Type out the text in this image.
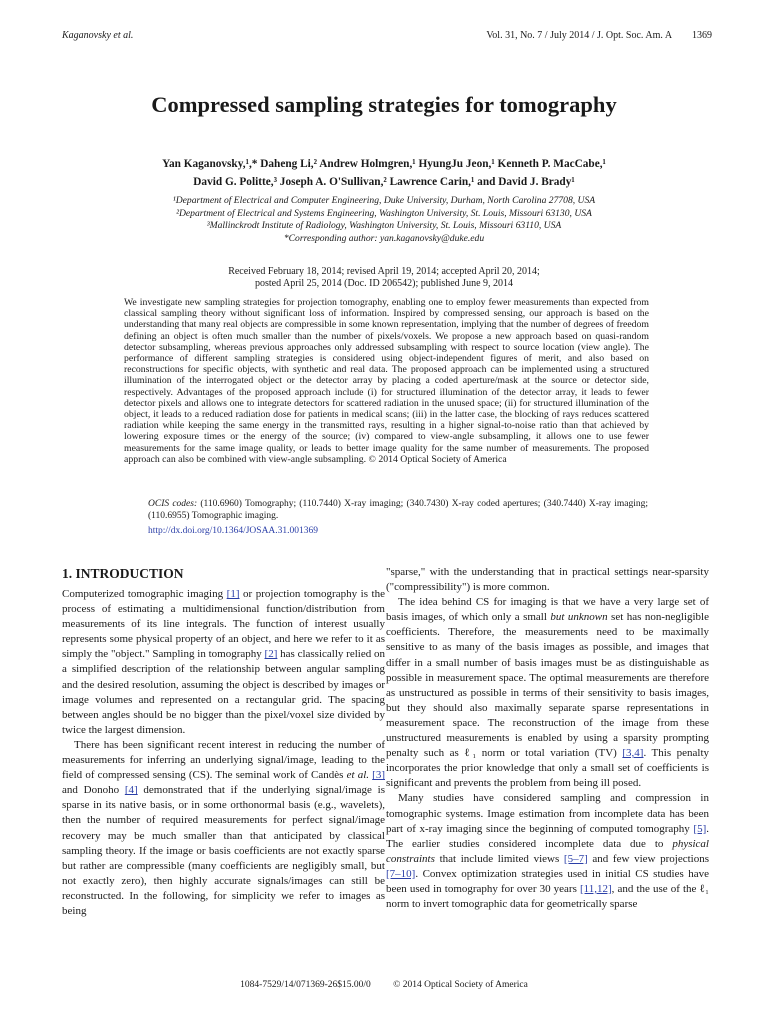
Kaganovsky et al.	Vol. 31, No. 7 / July 2014 / J. Opt. Soc. Am. A 1369
Compressed sampling strategies for tomography
Yan Kaganovsky,¹,* Daheng Li,² Andrew Holmgren,¹ HyungJu Jeon,¹ Kenneth P. MacCabe,¹
David G. Politte,³ Joseph A. O'Sullivan,² Lawrence Carin,¹ and David J. Brady¹
¹Department of Electrical and Computer Engineering, Duke University, Durham, North Carolina 27708, USA
²Department of Electrical and Systems Engineering, Washington University, St. Louis, Missouri 63130, USA
³Mallinckrodt Institute of Radiology, Washington University, St. Louis, Missouri 63110, USA
*Corresponding author: yan.kaganovsky@duke.edu
Received February 18, 2014; revised April 19, 2014; accepted April 20, 2014;
posted April 25, 2014 (Doc. ID 206542); published June 9, 2014
We investigate new sampling strategies for projection tomography, enabling one to employ fewer measurements than expected from classical sampling theory without significant loss of information. Inspired by compressed sensing, our approach is based on the understanding that many real objects are compressible in some known representation, implying that the number of degrees of freedom defining an object is often much smaller than the number of pixels/voxels. We propose a new approach based on quasi-random detector subsampling, whereas previous approaches only addressed subsampling with respect to source location (view angle). The performance of different sampling strategies is considered using object-independent figures of merit, and also based on reconstructions for specific objects, with synthetic and real data. The proposed approach can be implemented using a structured illumination of the interrogated object or the detector array by placing a coded aperture/mask at the source or detector side, respectively. Advantages of the proposed approach include (i) for structured illumination of the detector array, it leads to fewer detector pixels and allows one to integrate detectors for scattered radiation in the unused space; (ii) for structured illumination of the object, it leads to a reduced radiation dose for patients in medical scans; (iii) in the latter case, the blocking of rays reduces scattered radiation while keeping the same energy in the transmitted rays, resulting in a higher signal-to-noise ratio than that achieved by lowering exposure times or the energy of the source; (iv) compared to view-angle subsampling, it allows one to use fewer measurements for the same image quality, or leads to better image quality for the same number of measurements. The proposed approach can also be combined with view-angle subsampling. © 2014 Optical Society of America
OCIS codes: (110.6960) Tomography; (110.7440) X-ray imaging; (340.7430) X-ray coded apertures; (340.7440) X-ray imaging; (110.6955) Tomographic imaging.
http://dx.doi.org/10.1364/JOSAA.31.001369
1. INTRODUCTION

Computerized tomographic imaging [1] or projection tomography is the process of estimating a multidimensional function/distribution from measurements of its line integrals. The function of interest usually represents some physical property of an object, and here we refer to it as simply the "object." Sampling in tomography [2] has classically relied on a simplified description of the relationship between angular sampling and the desired resolution, assuming the object is described by images or image volumes and represented on a rectangular grid. The spacing between angles should be no bigger than the pixel/voxel size divided by twice the largest dimension.

There has been significant recent interest in reducing the number of measurements for inferring an underlying signal/image, leading to the field of compressed sensing (CS). The seminal work of Candès et al. [3] and Donoho [4] demonstrated that if the underlying signal/image is sparse in its native basis, or in some orthonormal basis (e.g., wavelets), then the number of required measurements for perfect signal/image recovery may be much smaller than that anticipated by classical sampling theory. If the image or basis coefficients are not exactly sparse but rather are compressible (many coefficients are negligibly small, but not exactly zero), then highly accurate signals/images can still be reconstructed. In the following, for simplicity we refer to images as being

"sparse," with the understanding that in practical settings near-sparsity ("compressibility") is more common.

The idea behind CS for imaging is that we have a very large set of basis images, of which only a small but unknown set has non-negligible coefficients. Therefore, the measurements need to be maximally sensitive to as many of the basis images as possible, and images that differ in a small number of basis images must be as distinguishable as possible in measurement space. The optimal measurements are therefore as unstructured as possible in terms of their sensitivity to basis images, but they should also maximally separate sparse representations in measurement space. The reconstruction of the image from these unstructured measurements is enabled by using a sparsity prompting penalty such as ℓ₁ norm or total variation (TV) [3,4]. This penalty incorporates the prior knowledge that only a small set of coefficients is significant and prevents the problem from being ill posed.

Many studies have considered sampling and compression in tomographic systems. Image estimation from incomplete data has been part of x-ray imaging since the beginning of computed tomography [5]. The earlier studies considered incomplete data due to physical constraints that include limited views [5–7] and few view projections [7–10]. Convex optimization strategies used in initial CS studies have been used in tomography for over 30 years [11,12], and the use of the ℓ₁ norm to invert tomographic data for geometrically sparse

1084-7529/14/071369-26$15.00/0 © 2014 Optical Society of America
